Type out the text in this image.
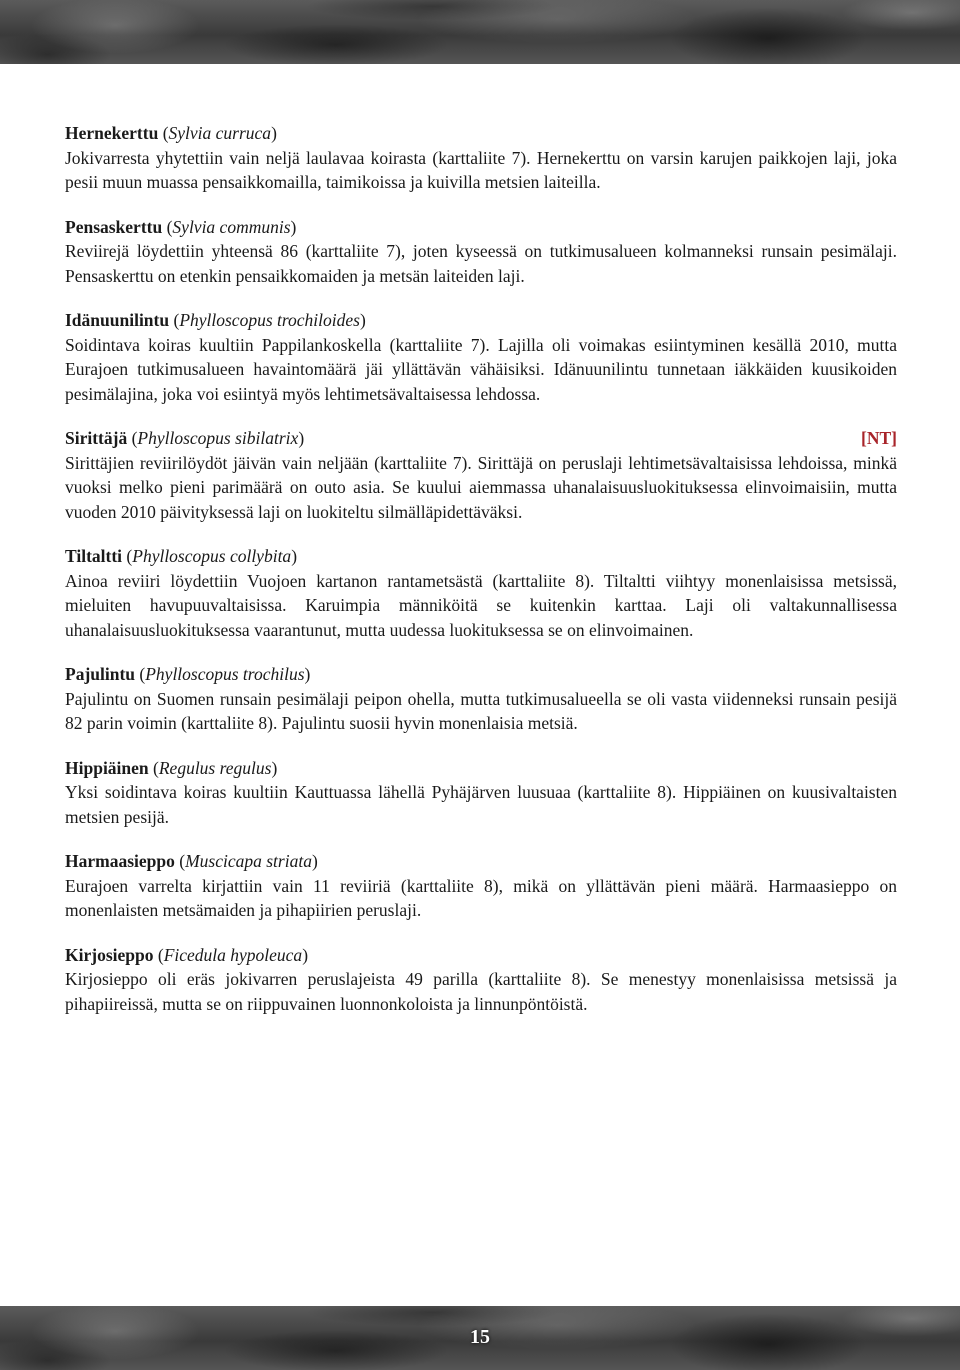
Hernekerttu (Sylvia curruca)

Jokivarresta yhytettiin vain neljä laulavaa koirasta (karttaliite 7). Hernekerttu on varsin karujen paikkojen laji, joka pesii muun muassa pensaikkomailla, taimikoissa ja kuivilla metsien laiteilla.

Pensaskerttu (Sylvia communis)

Reviirejä löydettiin yhteensä 86 (karttaliite 7), joten kyseessä on tutkimusalueen kolmanneksi runsain pesimälaji. Pensaskerttu on etenkin pensaikkomaiden ja metsän laiteiden laji.

Idänuunilintu (Phylloscopus trochiloides)

Soidintava koiras kuultiin Pappilankoskella (karttaliite 7). Lajilla oli voimakas esiintyminen kesällä 2010, mutta Eurajoen tutkimusalueen havaintomäärä jäi yllättävän vähäisiksi. Idänuunilintu tunnetaan iäkkäiden kuusikoiden pesimälajina, joka voi esiintyä myös lehtimetsävaltaisessa lehdossa.

Sirittäjä (Phylloscopus sibilatrix)	[NT]

Sirittäjien reviirilöydöt jäivän vain neljään (karttaliite 7). Sirittäjä on peruslaji lehtimetsävaltaisissa lehdoissa, minkä vuoksi melko pieni parimäärä on outo asia. Se kuului aiemmassa uhanalaisuusluokituksessa elinvoimaisiin, mutta vuoden 2010 päivityksessä laji on luokiteltu silmälläpidettäväksi.

Tiltaltti (Phylloscopus collybita)

Ainoa reviiri löydettiin Vuojoen kartanon rantametsästä (karttaliite 8). Tiltaltti viihtyy monenlaisissa metsissä, mieluiten havupuuvaltaisissa. Karuimpia männiköitä se kuitenkin karttaa. Laji oli valtakunnallisessa uhanalaisuusluokituksessa vaarantunut, mutta uudessa luokituksessa se on elinvoimainen.

Pajulintu (Phylloscopus trochilus)

Pajulintu on Suomen runsain pesimälaji peipon ohella, mutta tutkimusalueella se oli vasta viidenneksi runsain pesijä 82 parin voimin (karttaliite 8). Pajulintu suosii hyvin monenlaisia metsiä.

Hippiäinen (Regulus regulus)

Yksi soidintava koiras kuultiin Kauttuassa lähellä Pyhäjärven luusuaa (karttaliite 8). Hippiäinen on kuusivaltaisten metsien pesijä.

Harmaasieppo (Muscicapa striata)

Eurajoen varrelta kirjattiin vain 11 reviiriä (karttaliite 8), mikä on yllättävän pieni määrä. Harmaasieppo on monenlaisten metsämaiden ja pihapiirien peruslaji.

Kirjosieppo (Ficedula hypoleuca)

Kirjosieppo oli eräs jokivarren peruslajeista 49 parilla (karttaliite 8). Se menestyy monenlaisissa metsissä ja pihapiireissä, mutta se on riippuvainen luonnonkoloista ja linnunpöntöistä.

15
